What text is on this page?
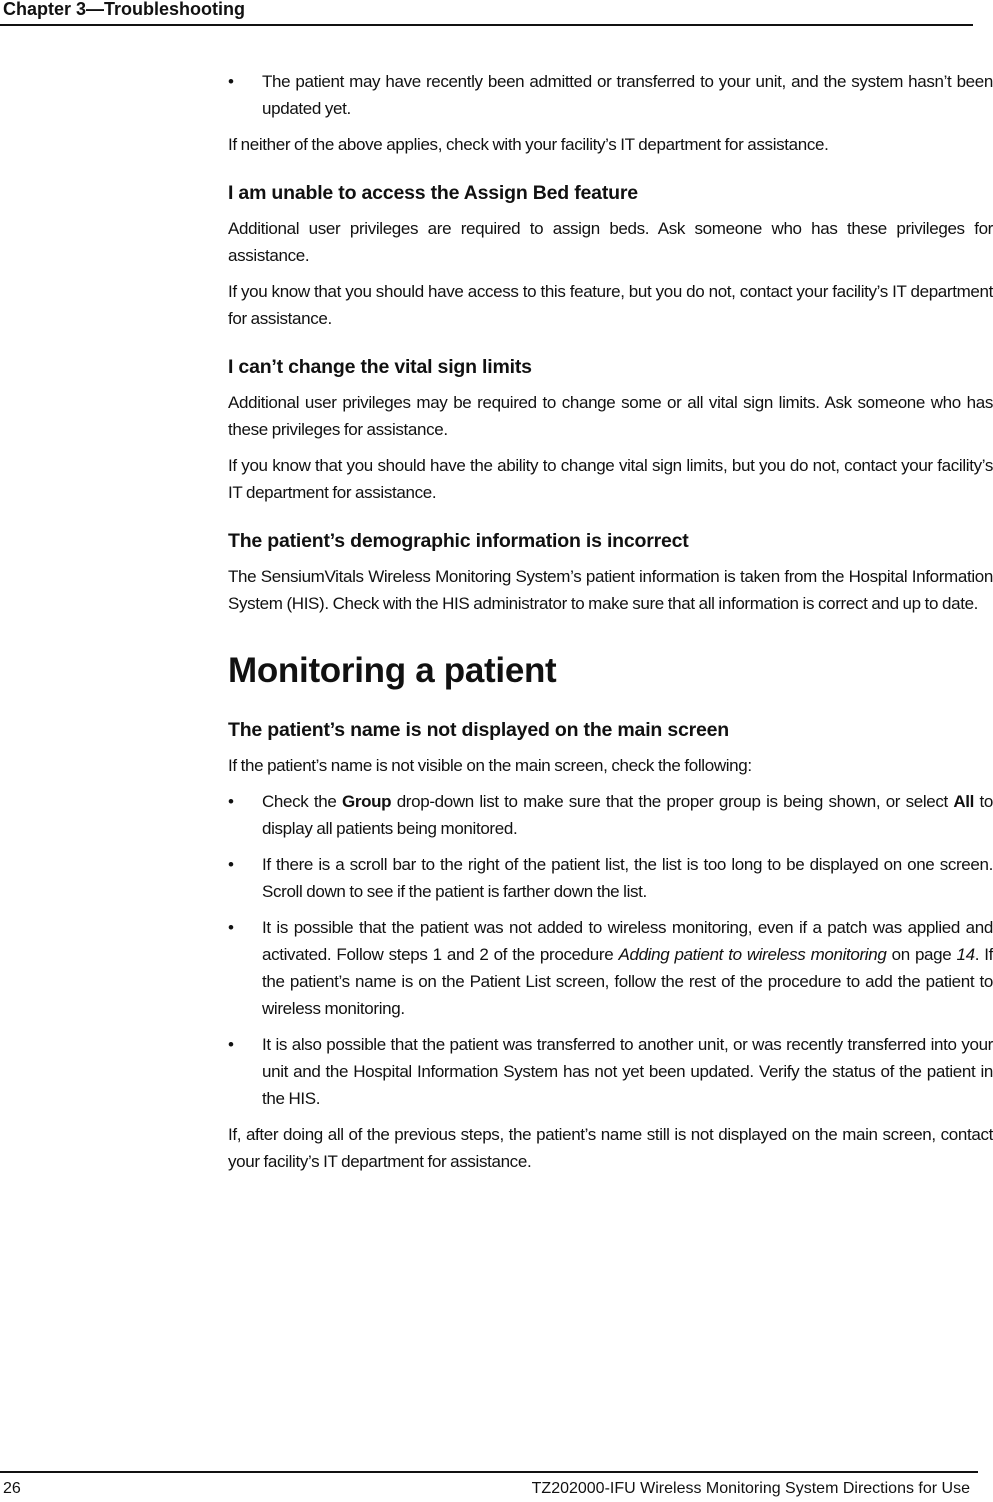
Chapter 3—Troubleshooting
• The patient may have recently been admitted or transferred to your unit, and the system hasn’t been updated yet.

If neither of the above applies, check with your facility’s IT department for assistance.

I am unable to access the Assign Bed feature

Additional user privileges are required to assign beds. Ask someone who has these privileges for assistance.

If you know that you should have access to this feature, but you do not, contact your facility’s IT department for assistance.

I can’t change the vital sign limits

Additional user privileges may be required to change some or all vital sign limits. Ask someone who has these privileges for assistance.

If you know that you should have the ability to change vital sign limits, but you do not, contact your facility’s IT department for assistance.

The patient’s demographic information is incorrect

The SensiumVitals Wireless Monitoring System’s patient information is taken from the Hospital Information System (HIS). Check with the HIS administrator to make sure that all information is correct and up to date.

Monitoring a patient
The patient’s name is not displayed on the main screen

If the patient’s name is not visible on the main screen, check the following:

• Check the Group drop-down list to make sure that the proper group is being shown, or select All to display all patients being monitored.
• If there is a scroll bar to the right of the patient list, the list is too long to be displayed on one screen. Scroll down to see if the patient is farther down the list.
• It is possible that the patient was not added to wireless monitoring, even if a patch was applied and activated. Follow steps 1 and 2 of the procedure Adding patient to wireless monitoring on page 14. If the patient’s name is on the Patient List screen, follow the rest of the procedure to add the patient to wireless monitoring.
• It is also possible that the patient was transferred to another unit, or was recently transferred into your unit and the Hospital Information System has not yet been updated. Verify the status of the patient in the HIS.

If, after doing all of the previous steps, the patient’s name still is not displayed on the main screen, contact your facility’s IT department for assistance.

26	TZ202000-IFU Wireless Monitoring System Directions for Use
